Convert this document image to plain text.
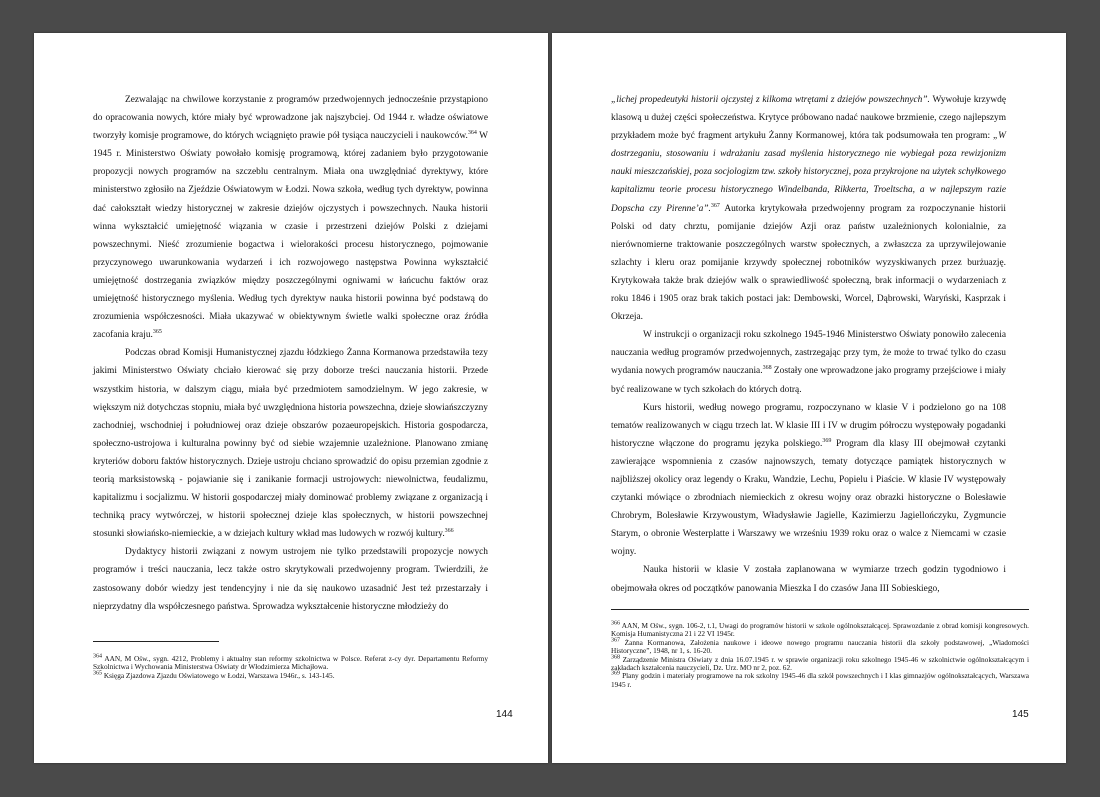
Zezwalając na chwilowe korzystanie z programów przedwojennych jednocześnie przystąpiono do opracowania nowych, które miały być wprowadzone jak najszybciej. Od 1944 r. władze oświatowe tworzyły komisje programowe, do których wciągnięto prawie pół tysiąca nauczycieli i naukowców.$^{364}$ W 1945 r. Ministerstwo Oświaty powołało komisję programową, której zadaniem było przygotowanie propozycji nowych programów na szczeblu centralnym. Miała ona uwzględniać dyrektywy, które ministerstwo zgłosiło na Zjeździe Oświatowym w Łodzi. Nowa szkoła, według tych dyrektyw, powinna dać całokształt wiedzy historycznej w zakresie dziejów ojczystych i powszechnych. Nauka historii winna wykształcić umiejętność wiązania w czasie i przestrzeni dziejów Polski z dziejami powszechnymi. Nieść zrozumienie bogactwa i wielorakości procesu historycznego, pojmowanie przyczynowego uwarunkowania wydarzeń i ich rozwojowego następstwa Powinna wykształcić umiejętność dostrzegania związków między poszczególnymi ogniwami w łańcuchu faktów oraz umiejętność historycznego myślenia. Według tych dyrektyw nauka historii powinna być podstawą do zrozumienia współczesności. Miała ukazywać w obiektywnym świetle walki społeczne oraz źródła zacofania kraju.$^{365}$

Podczas obrad Komisji Humanistycznej zjazdu łódzkiego Żanna Kormanowa przedstawiła tezy jakimi Ministerstwo Oświaty chciało kierować się przy doborze treści nauczania historii. Przede wszystkim historia, w dalszym ciągu, miała być przedmiotem samodzielnym. W jego zakresie, w większym niż dotychczas stopniu, miała być uwzględniona historia powszechna, dzieje słowiańszczyzny zachodniej, wschodniej i południowej oraz dzieje obszarów pozaeuropejskich. Historia gospodarcza, społeczno-ustrojowa i kulturalna powinny być od siebie wzajemnie uzależnione. Planowano zmianę kryteriów doboru faktów historycznych. Dzieje ustroju chciano sprowadzić do opisu przemian zgodnie z teorią marksistowską - pojawianie się i zanikanie formacji ustrojowych: niewolnictwa, feudalizmu, kapitalizmu i socjalizmu. W historii gospodarczej miały dominować problemy związane z organizacją i techniką pracy wytwórczej, w historii społecznej dzieje klas społecznych, w historii powszechnej stosunki słowiańsko-niemieckie, a w dziejach kultury wkład mas ludowych w rozwój kultury.$^{366}$

Dydaktycy historii związani z nowym ustrojem nie tylko przedstawili propozycje nowych programów i treści nauczania, lecz także ostro skrytykowali przedwojenny program. Twierdzili, że zastosowany dobór wiedzy jest tendencyjny i nie da się naukowo uzasadnić Jest też przestarzały i nieprzydatny dla współczesnego państwa. Sprowadza wykształcenie historyczne młodzieży do

$^{364}$ AAN, M Ośw., sygn. 4212, Problemy i aktualny stan reformy szkolnictwa w Polsce. Referat z-cy dyr. Departamentu Reformy Szkolnictwa i Wychowania Ministerstwa Oświaty dr Włodzimierza Michajłowa.

$^{365}$ Księga Zjazdowa Zjazdu Oświatowego w Łodzi, Warszawa 1946r., s. 143-145.

144

„lichej propedeutyki historii ojczystej z kilkoma wtrętami z dziejów powszechnych”. Wywołuje krzywdę klasową u dużej części społeczeństwa. Krytyce próbowano nadać naukowe brzmienie, czego najlepszym przykładem może być fragment artykułu Żanny Kormanowej, która tak podsumowała ten program: „W dostrzeganiu, stosowaniu i wdrażaniu zasad myślenia historycznego nie wybiegał poza rewizjonizm nauki mieszczańskiej, poza socjologizm tzw. szkoły historycznej, poza przykrojone na użytek schyłkowego kapitalizmu teorie procesu historycznego Windelbanda, Rikkerta, Troeltscha, a w najlepszym razie Dopscha czy Pirenne’a”.$^{367}$ Autorka krytykowała przedwojenny program za rozpoczynanie historii Polski od daty chrztu, pomijanie dziejów Azji oraz państw uzależnionych kolonialnie, za nierównomierne traktowanie poszczególnych warstw społecznych, a zwłaszcza za uprzywilejowanie szlachty i kleru oraz pomijanie krzywdy społecznej robotników wyzyskiwanych przez burżuazję. Krytykowała także brak dziejów walk o sprawiedliwość społeczną, brak informacji o wydarzeniach z roku 1846 i 1905 oraz brak takich postaci jak: Dembowski, Worcel, Dąbrowski, Waryński, Kasprzak i Okrzeja.

W instrukcji o organizacji roku szkolnego 1945-1946 Ministerstwo Oświaty ponowiło zalecenia nauczania według programów przedwojennych, zastrzegając przy tym, że może to trwać tylko do czasu wydania nowych programów nauczania.$^{368}$ Zostały one wprowadzone jako programy przejściowe i miały być realizowane w tych szkołach do których dotrą.

Kurs historii, według nowego programu, rozpoczynano w klasie V i podzielono go na 108 tematów realizowanych w ciągu trzech lat. W klasie III i IV w drugim półroczu występowały pogadanki historyczne włączone do programu języka polskiego.$^{369}$ Program dla klasy III obejmował czytanki zawierające wspomnienia z czasów najnowszych, tematy dotyczące pamiątek historycznych w najbliższej okolicy oraz legendy o Kraku, Wandzie, Lechu, Popielu i Piaście. W klasie IV występowały czytanki mówiące o zbrodniach niemieckich z okresu wojny oraz obrazki historyczne o Bolesławie Chrobrym, Bolesławie Krzywoustym, Władysławie Jagielle, Kazimierzu Jagiellończyku, Zygmuncie Starym, o obronie Westerplatte i Warszawy we wrześniu 1939 roku oraz o walce z Niemcami w czasie wojny.

Nauka historii w klasie V została zaplanowana w wymiarze trzech godzin tygodniowo i obejmowała okres od początków panowania Mieszka I do czasów Jana III Sobieskiego,

$^{366}$ AAN, M Ośw., sygn. 106-2, t.1, Uwagi do programów historii w szkole ogólnokształcącej. Sprawozdanie z obrad komisji kongresowych. Komisja Humanistyczna 21 i 22 VI 1945r.

$^{367}$ Żanna Kormanowa, Założenia naukowe i ideowe nowego programu nauczania historii dla szkoły podstawowej, „Wiadomości Historyczne”, 1948, nr 1, s. 16-20.

$^{368}$ Zarządzenie Ministra Oświaty z dnia 16.07.1945 r. w sprawie organizacji roku szkolnego 1945-46 w szkolnictwie ogólnokształcącym i zakładach kształcenia nauczycieli, Dz. Urz. MO nr 2, poz. 62.

$^{369}$ Plany godzin i materiały programowe na rok szkolny 1945-46 dla szkół powszechnych i I klas gimnazjów ogólnokształcących, Warszawa 1945 r.

145
